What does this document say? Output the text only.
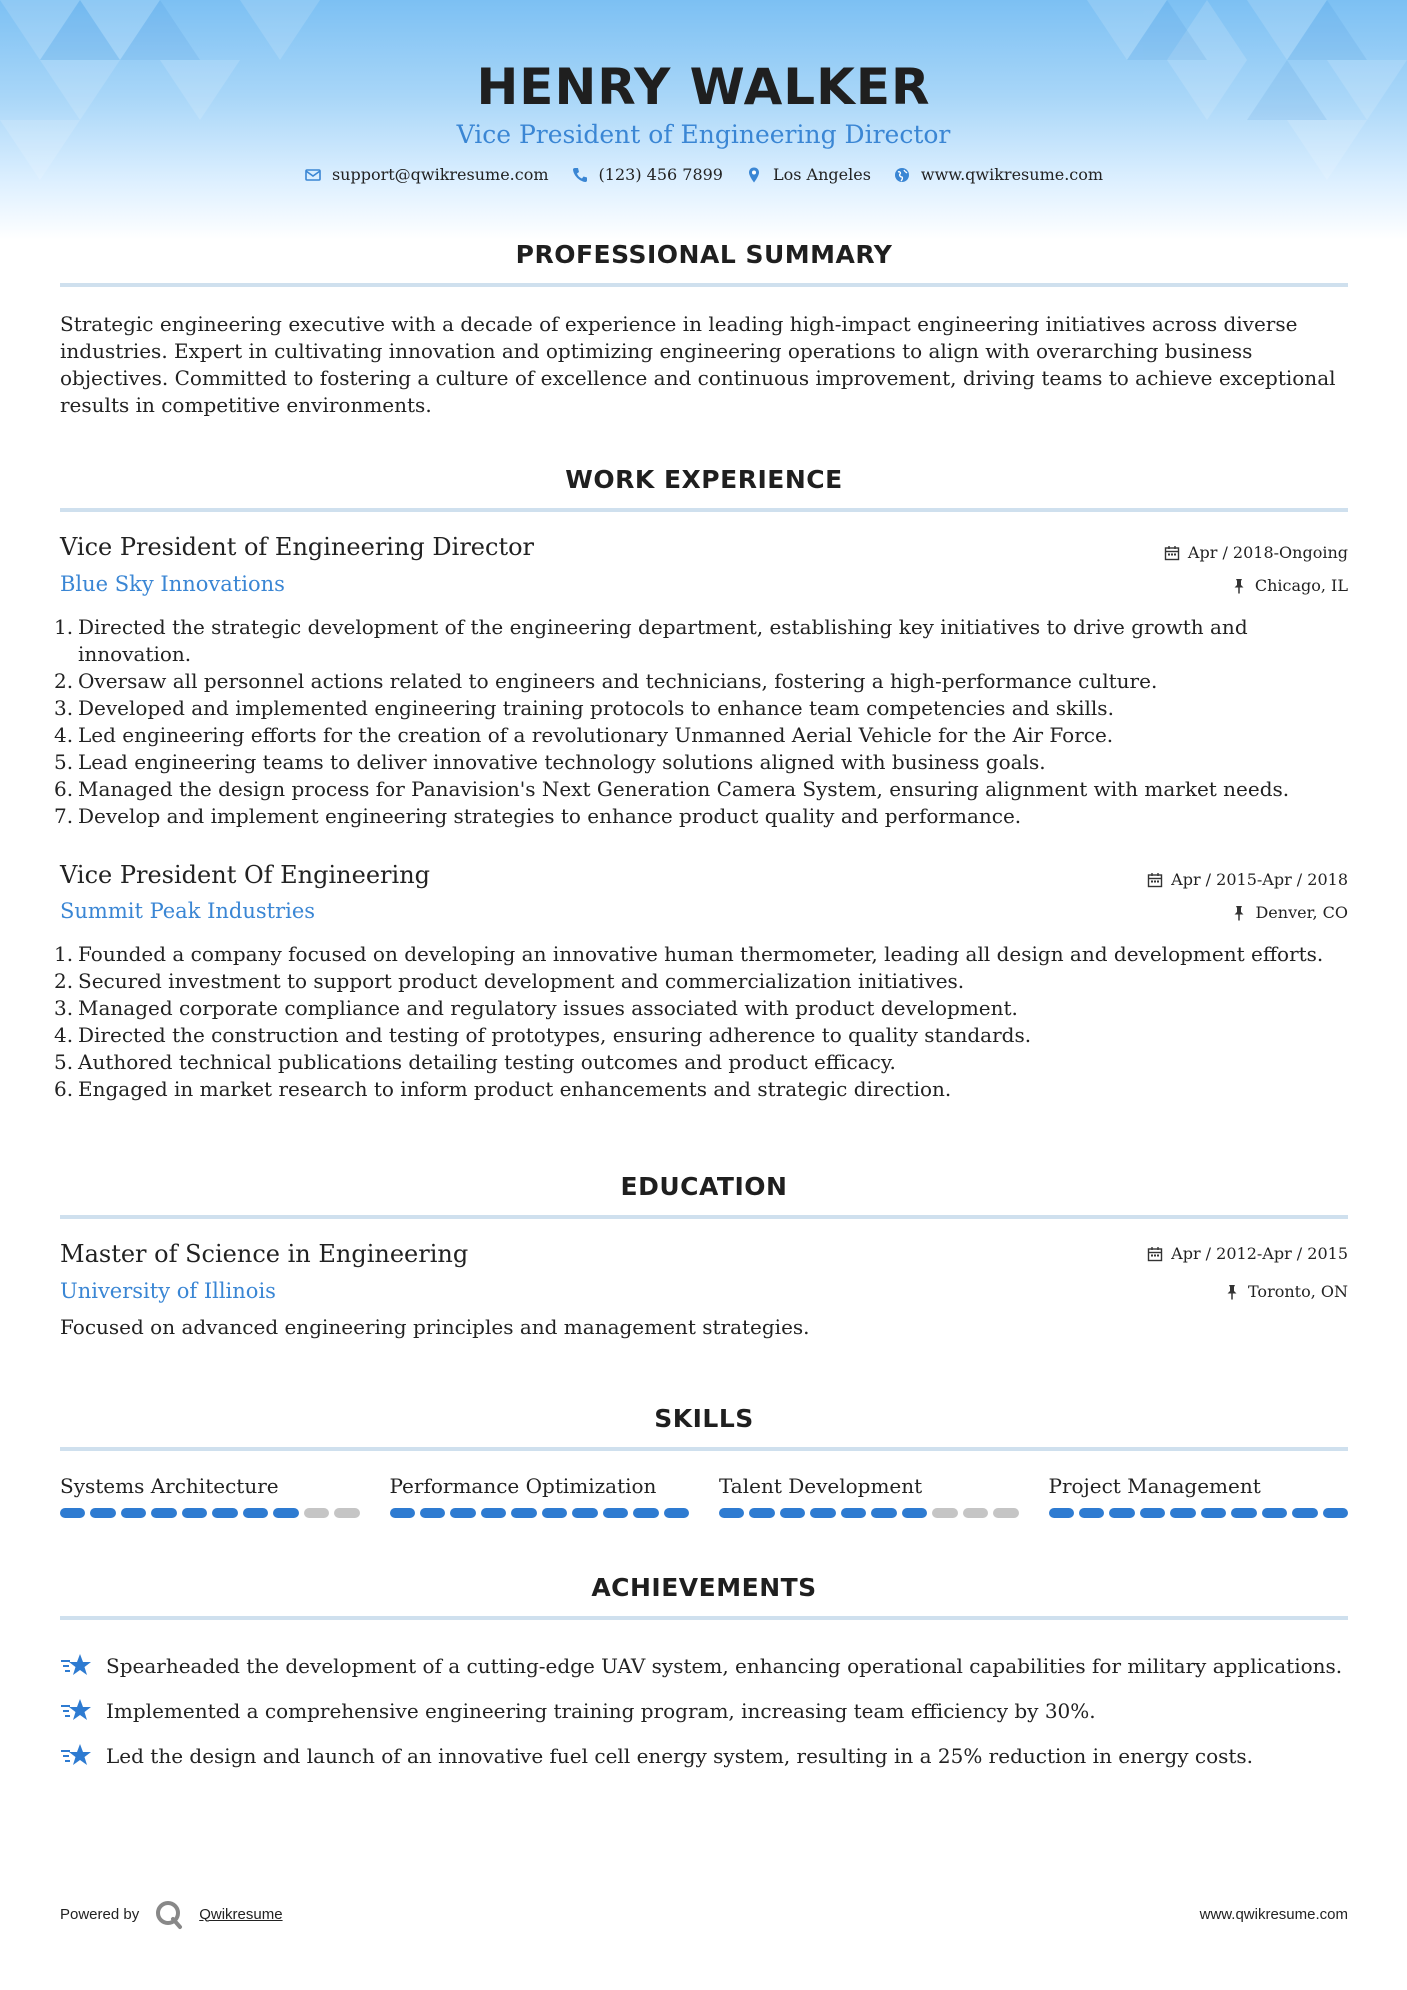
HENRY WALKER
Vice President of Engineering Director
support@qwikresume.com	(123) 456 7899	Los Angeles	www.qwikresume.com
PROFESSIONAL SUMMARY
Strategic engineering executive with a decade of experience in leading high-impact engineering initiatives across diverse industries. Expert in cultivating innovation and optimizing engineering operations to align with overarching business objectives. Committed to fostering a culture of excellence and continuous improvement, driving teams to achieve exceptional results in competitive environments.
WORK EXPERIENCE
Vice President of Engineering Director
Blue Sky Innovations
Apr / 2018-Ongoing
Chicago, IL
1. Directed the strategic development of the engineering department, establishing key initiatives to drive growth and innovation.
2. Oversaw all personnel actions related to engineers and technicians, fostering a high-performance culture.
3. Developed and implemented engineering training protocols to enhance team competencies and skills.
4. Led engineering efforts for the creation of a revolutionary Unmanned Aerial Vehicle for the Air Force.
5. Lead engineering teams to deliver innovative technology solutions aligned with business goals.
6. Managed the design process for Panavision's Next Generation Camera System, ensuring alignment with market needs.
7. Develop and implement engineering strategies to enhance product quality and performance.
Vice President Of Engineering
Summit Peak Industries
Apr / 2015-Apr / 2018
Denver, CO
1. Founded a company focused on developing an innovative human thermometer, leading all design and development efforts.
2. Secured investment to support product development and commercialization initiatives.
3. Managed corporate compliance and regulatory issues associated with product development.
4. Directed the construction and testing of prototypes, ensuring adherence to quality standards.
5. Authored technical publications detailing testing outcomes and product efficacy.
6. Engaged in market research to inform product enhancements and strategic direction.
EDUCATION
Master of Science in Engineering
University of Illinois
Apr / 2012-Apr / 2015
Toronto, ON
Focused on advanced engineering principles and management strategies.
SKILLS
Systems Architecture	Performance Optimization	Talent Development	Project Management
ACHIEVEMENTS
Spearheaded the development of a cutting-edge UAV system, enhancing operational capabilities for military applications.
Implemented a comprehensive engineering training program, increasing team efficiency by 30%.
Led the design and launch of an innovative fuel cell energy system, resulting in a 25% reduction in energy costs.
Powered by	Qwikresume	www.qwikresume.com
